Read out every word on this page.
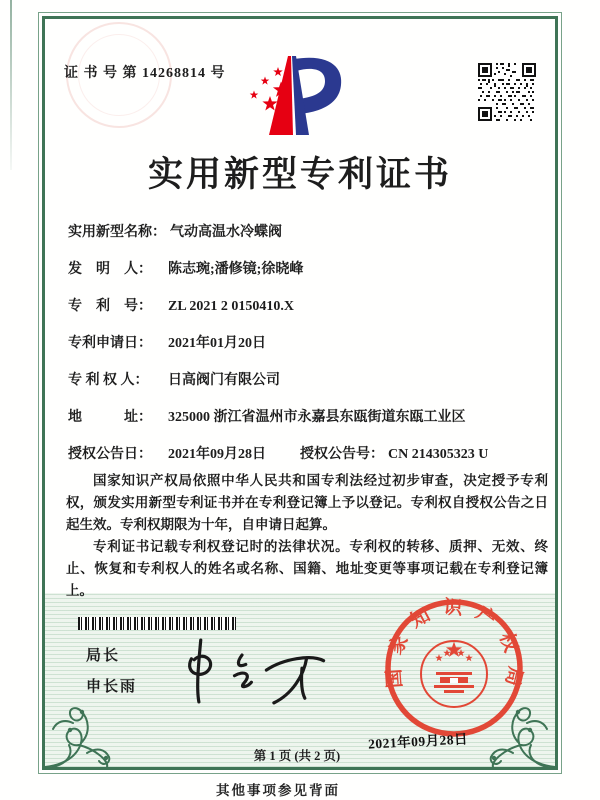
证 书 号 第 14268814 号
实用新型专利证书
实用新型名称： 气动高温水冷蝶阀
发　明　人： 陈志琬;潘修镜;徐晓峰
专　利　号： ZL 2021 2 0150410.X
专利申请日： 2021年01月20日
专 利 权 人： 日高阀门有限公司
地　　　址： 325000 浙江省温州市永嘉县东瓯街道东瓯工业区
授权公告日： 2021年09月28日 授权公告号： CN 214305323 U

国家知识产权局依照中华人民共和国专利法经过初步审查，决定授予专利权，颁发实用新型专利证书并在专利登记簿上予以登记。专利权自授权公告之日起生效。专利权期限为十年，自申请日起算。

专利证书记载专利权登记时的法律状况。专利权的转移、质押、无效、终止、恢复和专利权人的姓名或名称、国籍、地址变更等事项记载在专利登记簿上。

局长
申长雨	国家知识产权局
2021年09月28日
第 1 页 (共 2 页)
其他事项参见背面
